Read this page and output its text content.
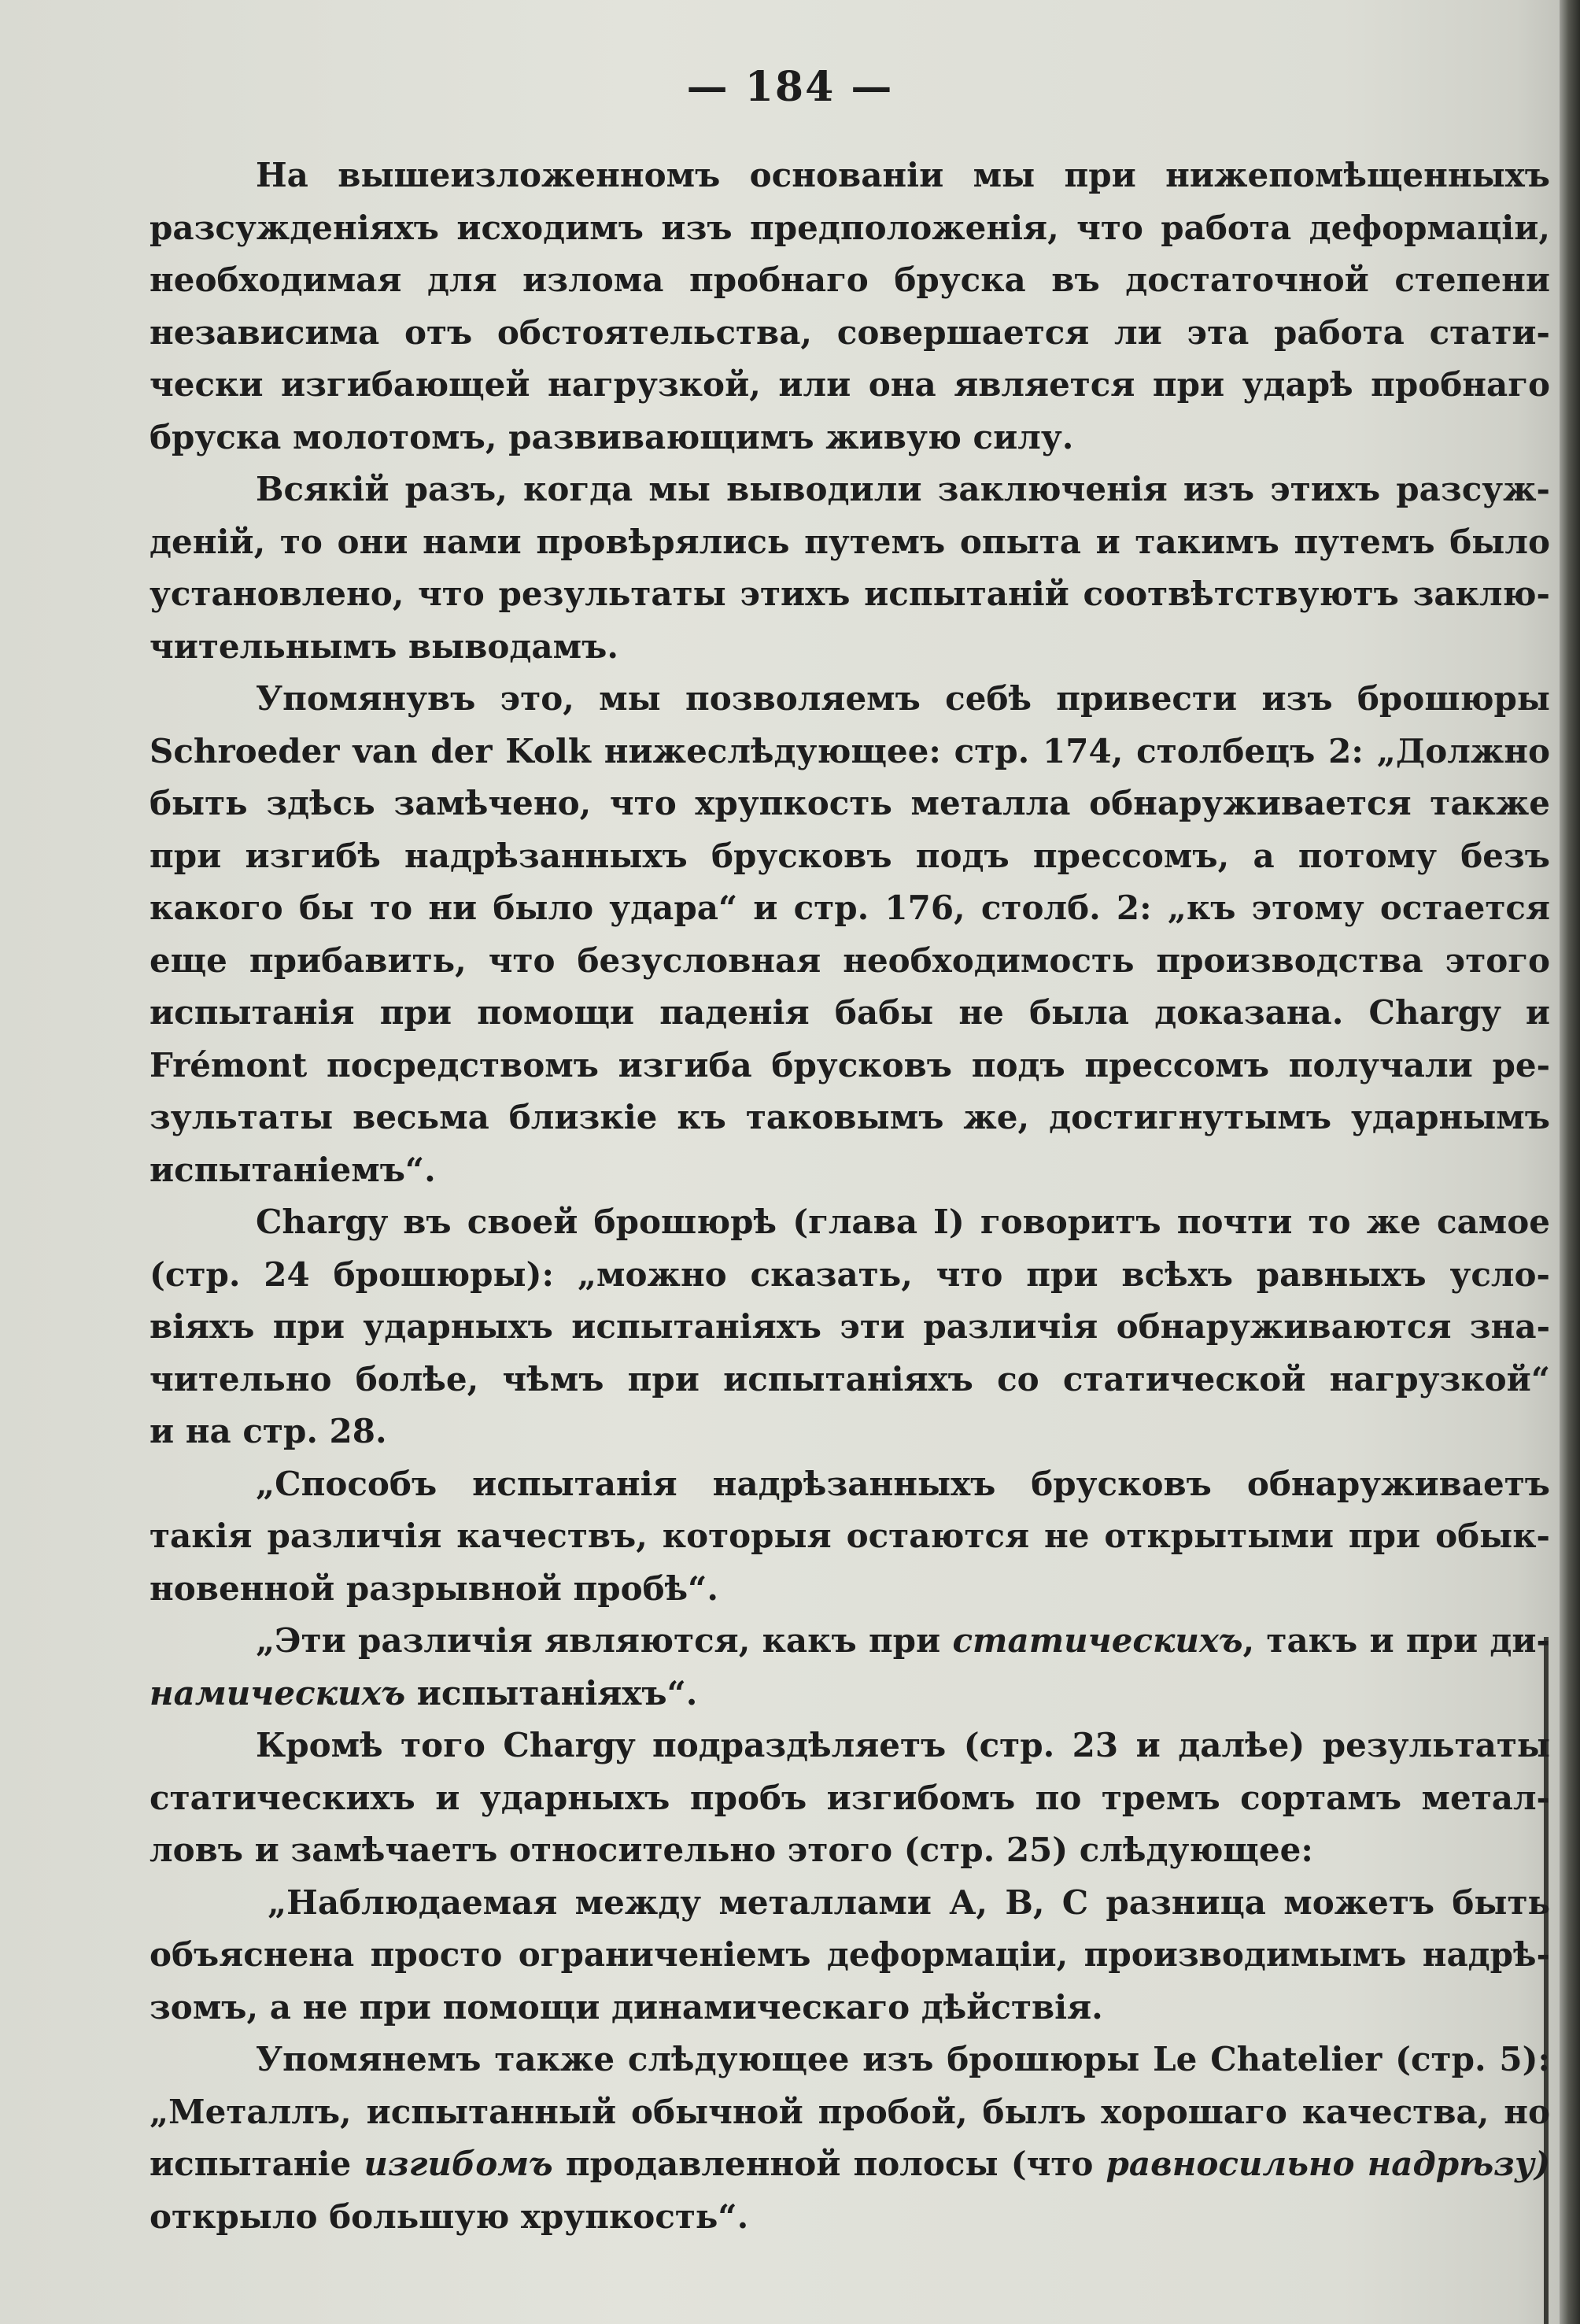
— 184 —
На вышеизложенномъ основанiи мы при нижепомѣщенныхъ
разсужденiяхъ исходимъ изъ предположенiя, что работа деформацiи,
необходимая для излома пробнаго бруска въ достаточной степени
независима отъ обстоятельства, совершается ли эта работа стати-
чески изгибающей нагрузкой, или она является при ударѣ пробнаго
бруска молотомъ, развивающимъ живую силу.
Всякiй разъ, когда мы выводили заключенiя изъ этихъ разсуж-
денiй, то они нами провѣрялись путемъ опыта и такимъ путемъ было
установлено, что результаты этихъ испытанiй соотвѣтствуютъ заклю-
чительнымъ выводамъ.
Упомянувъ это, мы позволяемъ себѣ привести изъ брошюры
Schroeder van der Kolk нижеслѣдующее: стр. 174, столбецъ 2: „Должно
быть здѣсь замѣчено, что хрупкость металла обнаруживается также
при изгибѣ надрѣзанныхъ брусковъ подъ прессомъ, а потому безъ
какого бы то ни было удара“ и стр. 176, столб. 2: „къ этому остается
еще прибавить, что безусловная необходимость производства этого
испытанiя при помощи паденiя бабы не была доказана. Chargy и
Frémont посредствомъ изгиба брусковъ подъ прессомъ получали ре-
зультаты весьма близкiе къ таковымъ же, достигнутымъ ударнымъ
испытанiемъ“.
Chargy въ своей брошюрѣ (глава I) говоритъ почти то же самое
(стр. 24 брошюры): „можно сказать, что при всѣхъ равныхъ усло-
вiяхъ при ударныхъ испытанiяхъ эти различiя обнаруживаются зна-
чительно болѣе, чѣмъ при испытанiяхъ со статической нагрузкой“
и на стр. 28.
„Способъ испытанiя надрѣзанныхъ брусковъ обнаруживаетъ
такiя различiя качествъ, которыя остаются не открытыми при обык-
новенной разрывной пробѣ“.
„Эти различiя являются, какъ при статическихъ, такъ и при ди-
намическихъ испытанiяхъ“.
Кромѣ того Chargy подраздѣляетъ (стр. 23 и далѣе) результаты
статическихъ и ударныхъ пробъ изгибомъ по тремъ сортамъ метал-
ловъ и замѣчаетъ относительно этого (стр. 25) слѣдующее:
„Наблюдаемая между металлами А, В, С разница можетъ быть
объяснена просто ограниченiемъ деформацiи, производимымъ надрѣ-
зомъ, а не при помощи динамическаго дѣйствiя.
Упомянемъ также слѣдующее изъ брошюры Le Chatelier (стр. 5):
„Металлъ, испытанный обычной пробой, былъ хорошаго качества, но
испытанiе изгибомъ продавленной полосы (что равносильно надрѣзу)
открыло большую хрупкость“.
